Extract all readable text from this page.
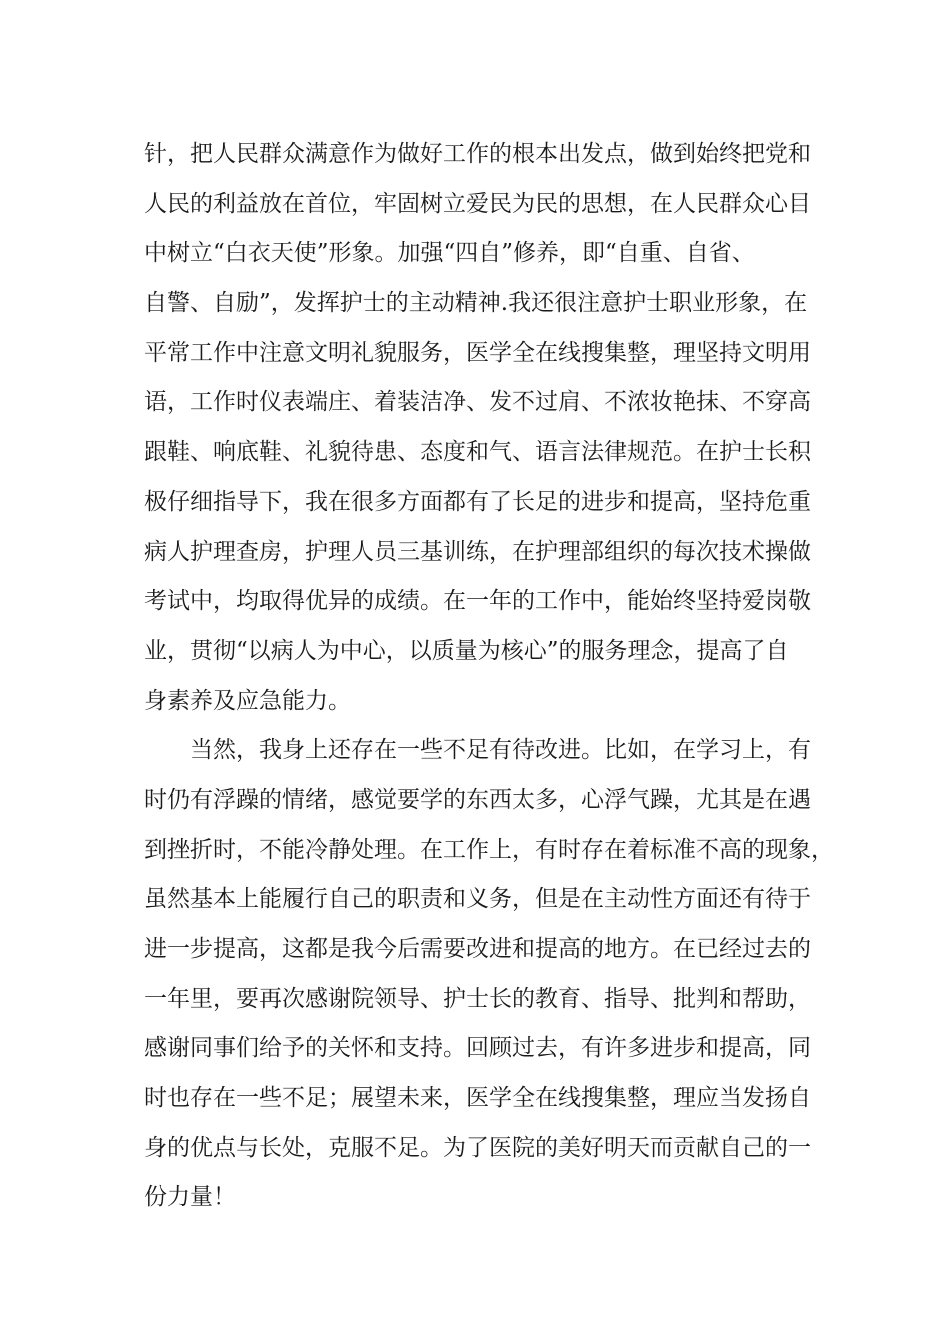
针，把人民群众满意作为做好工作的根本出发点，做到始终把党和
人民的利益放在首位，牢固树立爱民为民的思想，在人民群众心目
中树立“白衣天使”形象。加强“四自”修养，即“自重、自省、
自警、自励”，发挥护士的主动精神.我还很注意护士职业形象，在
平常工作中注意文明礼貌服务，医学全在线搜集整，理坚持文明用
语，工作时仪表端庄、着装洁净、发不过肩、不浓妆艳抹、不穿高
跟鞋、响底鞋、礼貌待患、态度和气、语言法律规范。在护士长积
极仔细指导下，我在很多方面都有了长足的进步和提高，坚持危重
病人护理查房，护理人员三基训练，在护理部组织的每次技术操做
考试中，均取得优异的成绩。在一年的工作中，能始终坚持爱岗敬
业，贯彻“以病人为中心，以质量为核心”的服务理念，提高了自
身素养及应急能力。
当然，我身上还存在一些不足有待改进。比如，在学习上，有
时仍有浮躁的情绪，感觉要学的东西太多，心浮气躁，尤其是在遇
到挫折时，不能冷静处理。在工作上，有时存在着标准不高的现象，
虽然基本上能履行自己的职责和义务，但是在主动性方面还有待于
进一步提高，这都是我今后需要改进和提高的地方。在已经过去的
一年里，要再次感谢院领导、护士长的教育、指导、批判和帮助，
感谢同事们给予的关怀和支持。回顾过去，有许多进步和提高，同
时也存在一些不足；展望未来，医学全在线搜集整，理应当发扬自
身的优点与长处，克服不足。为了医院的美好明天而贡献自己的一
份力量！
